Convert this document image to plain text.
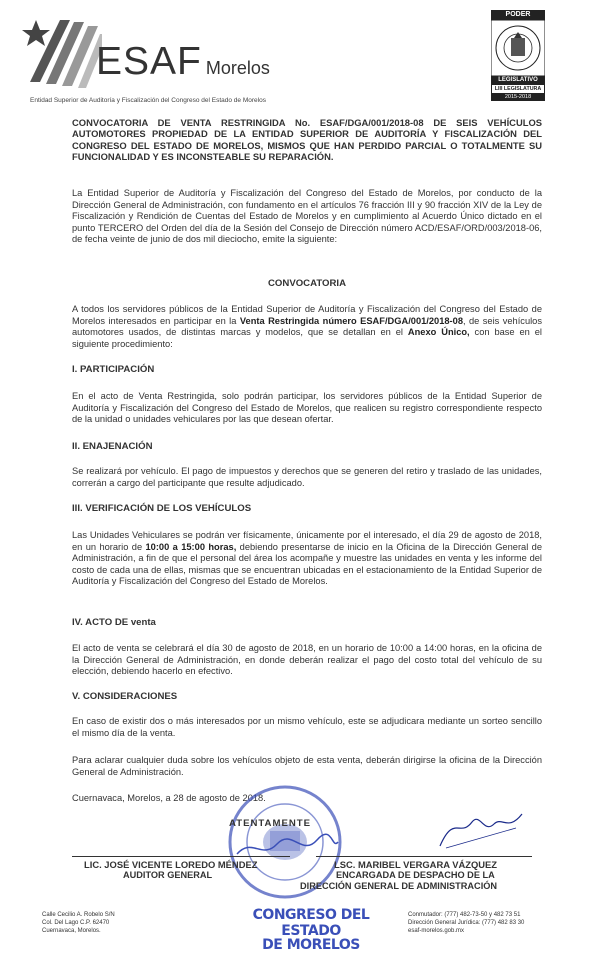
ESAF Morelos
Entidad Superior de Auditoría y Fiscalización del Congreso del Estado de Morelos
PODER
LEGISLATIVO
LIII LEGISLATURA
2015-2018
CONVOCATORIA DE VENTA RESTRINGIDA No. ESAF/DGA/001/2018-08 DE SEIS VEHÍCULOS AUTOMOTORES PROPIEDAD DE LA ENTIDAD SUPERIOR DE AUDITORÍA Y FISCALIZACIÓN DEL CONGRESO DEL ESTADO DE MORELOS, MISMOS QUE HAN PERDIDO PARCIAL O TOTALMENTE SU FUNCIONALIDAD Y ES INCONSTEABLE SU REPARACIÓN.
La Entidad Superior de Auditoría y Fiscalización del Congreso del Estado de Morelos, por conducto de la Dirección General de Administración, con fundamento en el artículos 76 fracción III y 90 fracción XIV de la Ley de Fiscalización y Rendición de Cuentas del Estado de Morelos y en cumplimiento al Acuerdo Único dictado en el punto TERCERO del Orden del día de la Sesión del Consejo de Dirección número ACD/ESAF/ORD/003/2018-06, de fecha veinte de junio de dos mil dieciocho, emite la siguiente:
CONVOCATORIA
A todos los servidores públicos de la Entidad Superior de Auditoría y Fiscalización del Congreso del Estado de Morelos interesados en participar en la Venta Restringida número ESAF/DGA/001/2018-08, de seis vehículos automotores usados, de distintas marcas y modelos, que se detallan en el Anexo Único, con base en el siguiente procedimiento:
I. PARTICIPACIÓN
En el acto de Venta Restringida, solo podrán participar, los servidores públicos de la Entidad Superior de Auditoría y Fiscalización del Congreso del Estado de Morelos, que realicen su registro correspondiente respecto de la unidad o unidades vehiculares por las que desean ofertar.
II. ENAJENACIÓN
Se realizará por vehículo. El pago de impuestos y derechos que se generen del retiro y traslado de las unidades, correrán a cargo del participante que resulte adjudicado.
III. VERIFICACIÓN DE LOS VEHÍCULOS
Las Unidades Vehiculares se podrán ver físicamente, únicamente por el interesado, el día 29 de agosto de 2018, en un horario de 10:00 a 15:00 horas, debiendo presentarse de inicio en la Oficina de la Dirección General de Administración, a fin de que el personal del área los acompañe y muestre las unidades en venta y les informe del costo de cada una de ellas, mismas que se encuentran ubicadas en el estacionamiento de la Entidad Superior de Auditoría y Fiscalización del Congreso del Estado de Morelos.
IV. ACTO DE venta
El acto de venta se celebrará el día 30 de agosto de 2018, en un horario de 10:00 a 14:00 horas, en la oficina de la Dirección General de Administración, en donde deberán realizar el pago del costo total del vehículo de su elección, debiendo hacerlo en efectivo.
V. CONSIDERACIONES
En caso de existir dos o más interesados por un mismo vehículo, este se adjudicara mediante un sorteo sencillo el mismo día de la venta.
Para aclarar cualquier duda sobre los vehículos objeto de esta venta, deberán dirigirse la oficina de la Dirección General de Administración.
Cuernavaca, Morelos, a 28 de agosto de 2018.
ATENTAMENTE
LIC. JOSÉ VICENTE LOREDO MÉNDEZ
AUDITOR GENERAL
LSC. MARIBEL VERGARA VÁZQUEZ
ENCARGADA DE DESPACHO DE LA
DIRECCIÓN GENERAL DE ADMINISTRACIÓN
Calle Cecilio A. Robelo S/N
Col. Del Lago C.P. 62470
Cuernavaca, Morelos.
CONGRESO DEL ESTADO
DE MORELOS
Conmutador: (777) 482-73-50 y 482 73 51
Dirección General Jurídica: (777) 482 83 30
esaf-morelos.gob.mx
